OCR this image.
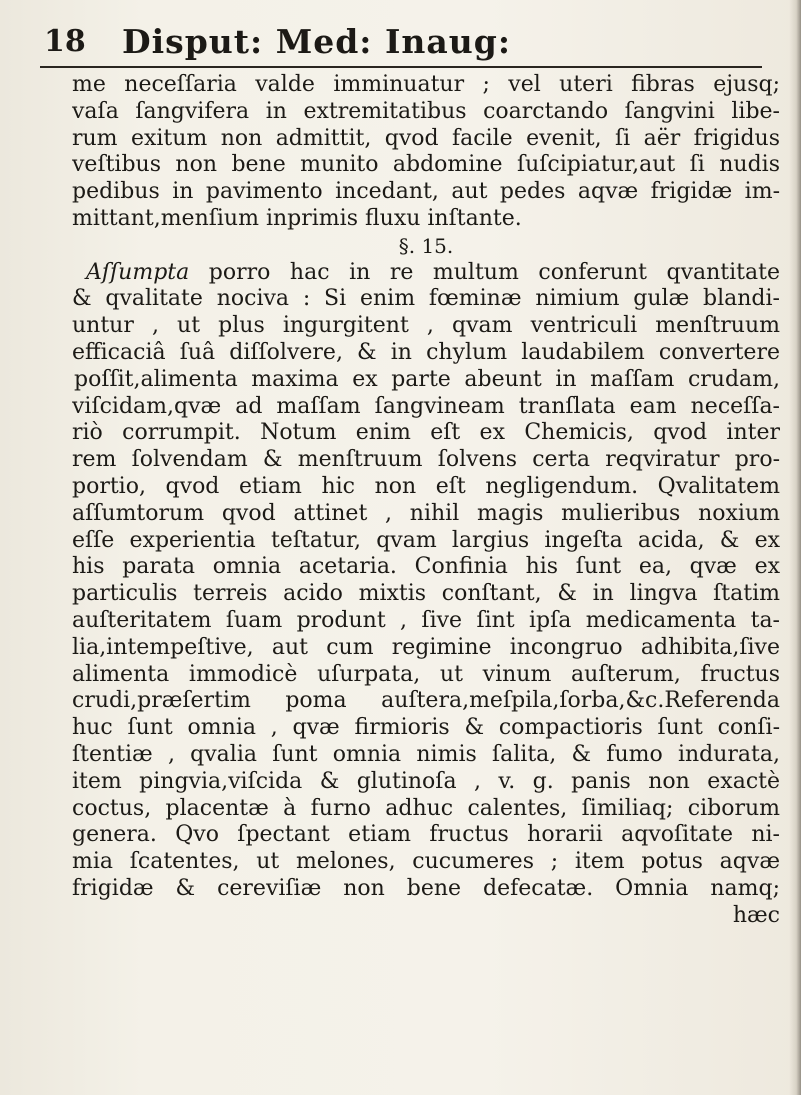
18 Disput: Med: Inaug:
me neceſſaria valde imminuatur ; vel uteri fibras ejusq;
vaſa ſangvifera in extremitatibus coarctando ſangvini libe-
rum exitum non admittit, qvod facile evenit, ſi aër frigidus
veſtibus non bene munito abdomine ſuſcipiatur,aut ſi nudis
pedibus in pavimento incedant, aut pedes aqvæ frigidæ im-
mittant,menſium inprimis fluxu inſtante.
§. 15.
Aſſumpta porro hac in re multum conferunt qvantitate
& qvalitate nociva : Si enim fœminæ nimium gulæ blandi-
untur , ut plus ingurgitent , qvam ventriculi menſtruum
efficaciâ ſuâ diſſolvere, & in chylum laudabilem convertere
poſſit,alimenta maxima ex parte abeunt in maſſam crudam,
viſcidam,qvæ ad maſſam ſangvineam tranſlata eam neceſſa-
riò corrumpit. Notum enim eſt ex Chemicis, qvod inter
rem ſolvendam & menſtruum ſolvens certa reqviratur pro-
portio, qvod etiam hic non eſt negligendum. Qvalitatem
aſſumtorum qvod attinet , nihil magis mulieribus noxium
eſſe experientia teſtatur, qvam largius ingeſta acida, & ex
his parata omnia acetaria. Confinia his ſunt ea, qvæ ex
particulis terreis acido mixtis conſtant, & in lingva ſtatim
auſteritatem ſuam produnt , ſive ſint ipſa medicamenta ta-
lia,intempeſtive, aut cum regimine incongruo adhibita,ſive
alimenta immodicè uſurpata, ut vinum auſterum, fructus
crudi,præſertim poma auſtera,meſpila,ſorba,&c.Referenda
huc ſunt omnia , qvæ firmioris & compactioris ſunt conſi-
ſtentiæ , qvalia ſunt omnia nimis ſalita, & fumo indurata,
item pingvia,viſcida & glutinoſa , v. g. panis non exactè
coctus, placentæ à furno adhuc calentes, ſimiliaq; ciborum
genera. Qvo ſpectant etiam fructus horarii aqvoſitate ni-
mia ſcatentes, ut melones, cucumeres ; item potus aqvæ
frigidæ & cereviſiæ non bene defecatæ. Omnia namq;
hæc
